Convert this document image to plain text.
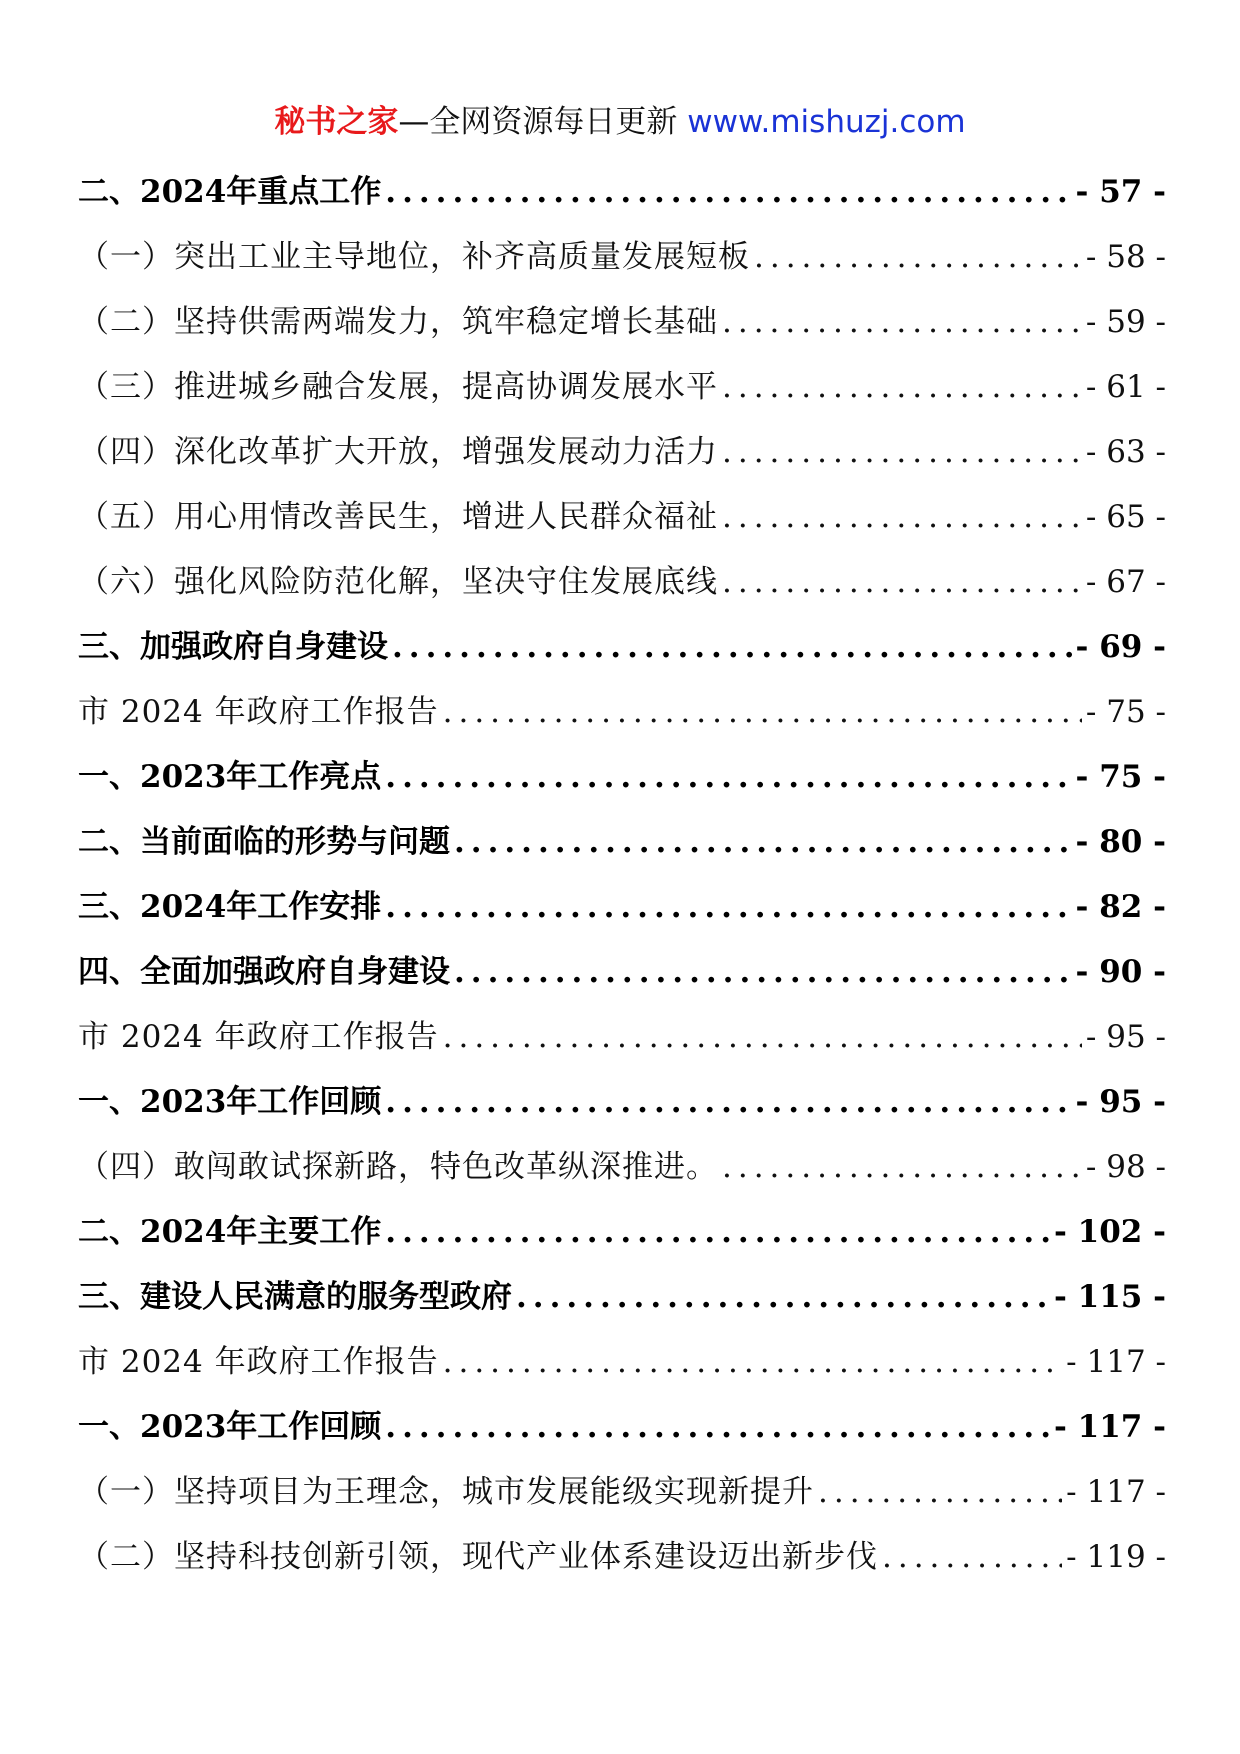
秘书之家—全网资源每日更新 www.mishuzj.com
二、2024年重点工作 .....	- 57 -
（一）突出工业主导地位，补齐高质量发展短板 .....	- 58 -
（二）坚持供需两端发力，筑牢稳定增长基础 .....	- 59 -
（三）推进城乡融合发展，提高协调发展水平 .....	- 61 -
（四）深化改革扩大开放，增强发展动力活力 .....	- 63 -
（五）用心用情改善民生，增进人民群众福祉 .....	- 65 -
（六）强化风险防范化解，坚决守住发展底线 .....	- 67 -
三、加强政府自身建设 .....	- 69 -
市 2024 年政府工作报告 .....	- 75 -
一、2023年工作亮点 .....	- 75 -
二、当前面临的形势与问题 .....	- 80 -
三、2024年工作安排 .....	- 82 -
四、全面加强政府自身建设 .....	- 90 -
市 2024 年政府工作报告 .....	- 95 -
一、2023年工作回顾 .....	- 95 -
（四）敢闯敢试探新路，特色改革纵深推进。 .....	- 98 -
二、2024年主要工作 .....	- 102 -
三、建设人民满意的服务型政府 .....	- 115 -
市 2024 年政府工作报告 .....	- 117 -
一、2023年工作回顾 .....	- 117 -
（一）坚持项目为王理念，城市发展能级实现新提升 .....	- 117 -
（二）坚持科技创新引领，现代产业体系建设迈出新步伐 .....	- 119 -
